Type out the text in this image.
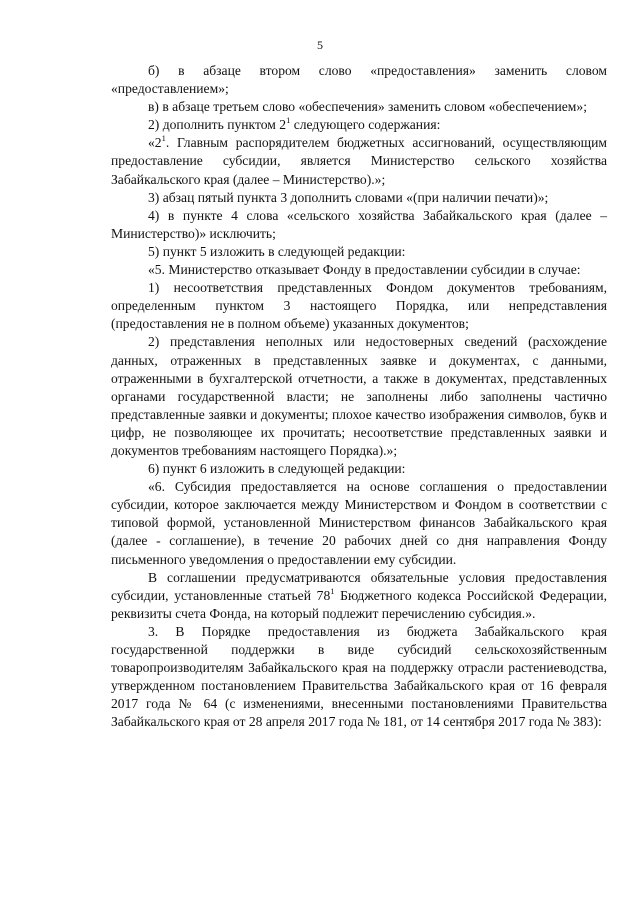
5

б) в абзаце втором слово «предоставления» заменить словом «предоставлением»;

в) в абзаце третьем слово «обеспечения» заменить словом «обеспечением»;

2) дополнить пунктом $2^1$ следующего содержания:

«$2^1$. Главным распорядителем бюджетных ассигнований, осуществляющим предоставление субсидии, является Министерство сельского хозяйства Забайкальского края (далее – Министерство).»;

3) абзац пятый пункта 3 дополнить словами «(при наличии печати)»;

4) в пункте 4 слова «сельского хозяйства Забайкальского края (далее – Министерство)» исключить;

5) пункт 5 изложить в следующей редакции:

«5. Министерство отказывает Фонду в предоставлении субсидии в случае:

1) несоответствия представленных Фондом документов требованиям, определенным пунктом 3 настоящего Порядка, или непредставления (предоставления не в полном объеме) указанных документов;

2) представления неполных или недостоверных сведений (расхождение данных, отраженных в представленных заявке и документах, с данными, отраженными в бухгалтерской отчетности, а также в документах, представленных органами государственной власти; не заполнены либо заполнены частично представленные заявки и документы; плохое качество изображения символов, букв и цифр, не позволяющее их прочитать; несоответствие представленных заявки и документов требованиям настоящего Порядка).»;

6) пункт 6 изложить в следующей редакции:

«6. Субсидия предоставляется на основе соглашения о предоставлении субсидии, которое заключается между Министерством и Фондом в соответствии с типовой формой, установленной Министерством финансов Забайкальского края (далее - соглашение), в течение 20 рабочих дней со дня направления Фонду письменного уведомления о предоставлении ему субсидии.

В соглашении предусматриваются обязательные условия предоставления субсидии, установленные статьей $78^1$ Бюджетного кодекса Российской Федерации, реквизиты счета Фонда, на который подлежит перечислению субсидия.».

3. В Порядке предоставления из бюджета Забайкальского края государственной поддержки в виде субсидий сельскохозяйственным товаропроизводителям Забайкальского края на поддержку отрасли растениеводства, утвержденном постановлением Правительства Забайкальского края от 16 февраля 2017 года № 64 (с изменениями, внесенными постановлениями Правительства Забайкальского края от 28 апреля 2017 года № 181, от 14 сентября 2017 года № 383):
